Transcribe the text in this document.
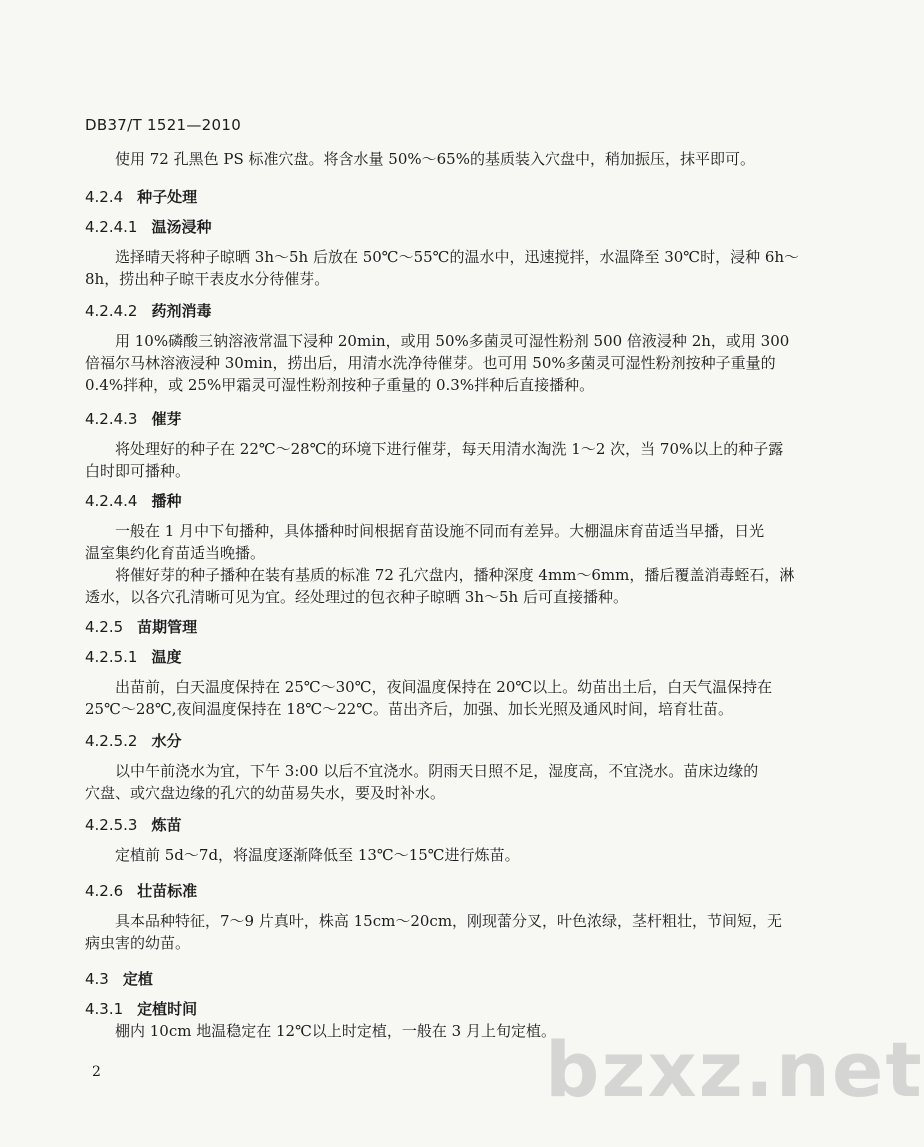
DB37/T 1521—2010
　　使用 72 孔黑色 PS 标准穴盘。将含水量 50%～65%的基质装入穴盘中，稍加振压，抹平即可。
4.2.4 种子处理
4.2.4.1 温汤浸种
　　选择晴天将种子晾晒 3h～5h 后放在 50℃～55℃的温水中，迅速搅拌，水温降至 30℃时，浸种 6h～
8h，捞出种子晾干表皮水分待催芽。
4.2.4.2 药剂消毒
　　用 10%磷酸三钠溶液常温下浸种 20min，或用 50%多菌灵可湿性粉剂 500 倍液浸种 2h，或用 300
倍福尔马林溶液浸种 30min，捞出后，用清水洗净待催芽。也可用 50%多菌灵可湿性粉剂按种子重量的
0.4%拌种，或 25%甲霜灵可湿性粉剂按种子重量的 0.3%拌种后直接播种。
4.2.4.3 催芽
　　将处理好的种子在 22℃～28℃的环境下进行催芽，每天用清水淘洗 1～2 次，当 70%以上的种子露
白时即可播种。
4.2.4.4 播种
　　一般在 1 月中下旬播种，具体播种时间根据育苗设施不同而有差异。大棚温床育苗适当早播，日光
温室集约化育苗适当晚播。
　　将催好芽的种子播种在装有基质的标准 72 孔穴盘内，播种深度 4mm～6mm，播后覆盖消毒蛭石，淋
透水，以各穴孔清晰可见为宜。经处理过的包衣种子晾晒 3h～5h 后可直接播种。
4.2.5 苗期管理
4.2.5.1 温度
　　出苗前，白天温度保持在 25℃～30℃，夜间温度保持在 20℃以上。幼苗出土后，白天气温保持在
25℃～28℃,夜间温度保持在 18℃～22℃。苗出齐后，加强、加长光照及通风时间，培育壮苗。
4.2.5.2 水分
　　以中午前浇水为宜，下午 3:00 以后不宜浇水。阴雨天日照不足，湿度高，不宜浇水。苗床边缘的
穴盘、或穴盘边缘的孔穴的幼苗易失水，要及时补水。
4.2.5.3 炼苗
　　定植前 5d～7d，将温度逐渐降低至 13℃～15℃进行炼苗。
4.2.6 壮苗标准
　　具本品种特征，7～9 片真叶，株高 15cm～20cm，刚现蕾分叉，叶色浓绿，茎杆粗壮，节间短，无
病虫害的幼苗。
4.3 定植
4.3.1 定植时间
　　棚内 10cm 地温稳定在 12℃以上时定植，一般在 3 月上旬定植。
2	bzxz.net
